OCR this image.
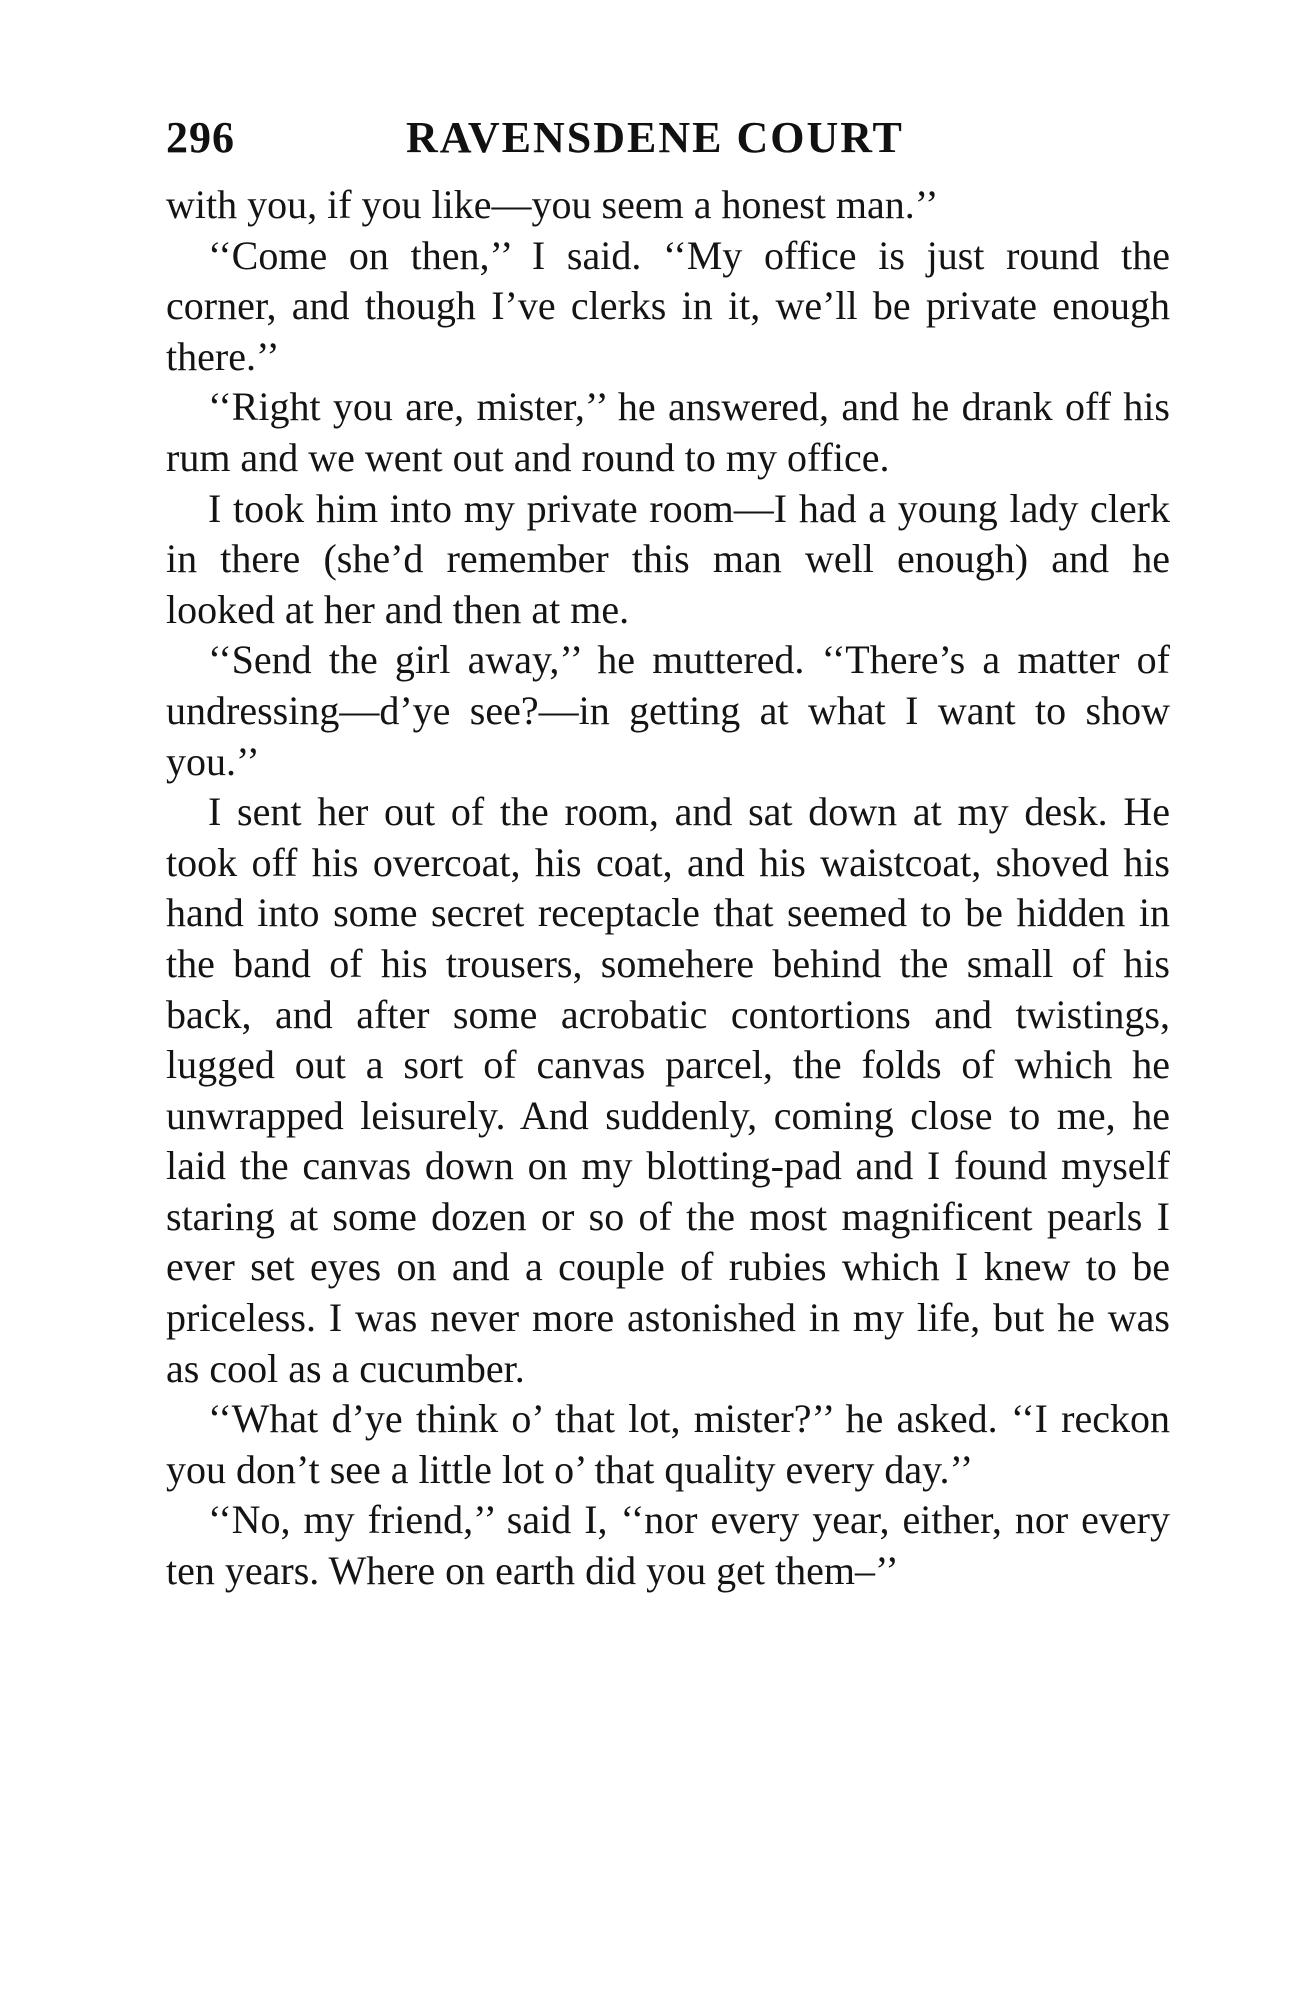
296	RAVENSDENE COURT

with you, if you like—you seem a honest man.’’

‘‘Come on then,’’ I said. ‘‘My office is just round the corner, and though I’ve clerks in it, we’ll be private enough there.’’

‘‘Right you are, mister,’’ he answered, and he drank off his rum and we went out and round to my office.

I took him into my private room—I had a young lady clerk in there (she’d remember this man well enough) and he looked at her and then at me.

‘‘Send the girl away,’’ he muttered. ‘‘There’s a matter of undressing—d’ye see?—in getting at what I want to show you.’’

I sent her out of the room, and sat down at my desk. He took off his overcoat, his coat, and his waistcoat, shoved his hand into some secret receptacle that seemed to be hidden in the band of his trousers, somehere behind the small of his back, and after some acrobatic contortions and twistings, lugged out a sort of canvas parcel, the folds of which he unwrapped leisurely. And suddenly, coming close to me, he laid the canvas down on my blotting-pad and I found myself staring at some dozen or so of the most magnificent pearls I ever set eyes on and a couple of rubies which I knew to be priceless. I was never more astonished in my life, but he was as cool as a cucumber.

‘‘What d’ye think o’ that lot, mister?’’ he asked. ‘‘I reckon you don’t see a little lot o’ that quality every day.’’

‘‘No, my friend,’’ said I, ‘‘nor every year, either, nor every ten years. Where on earth did you get them–’’
